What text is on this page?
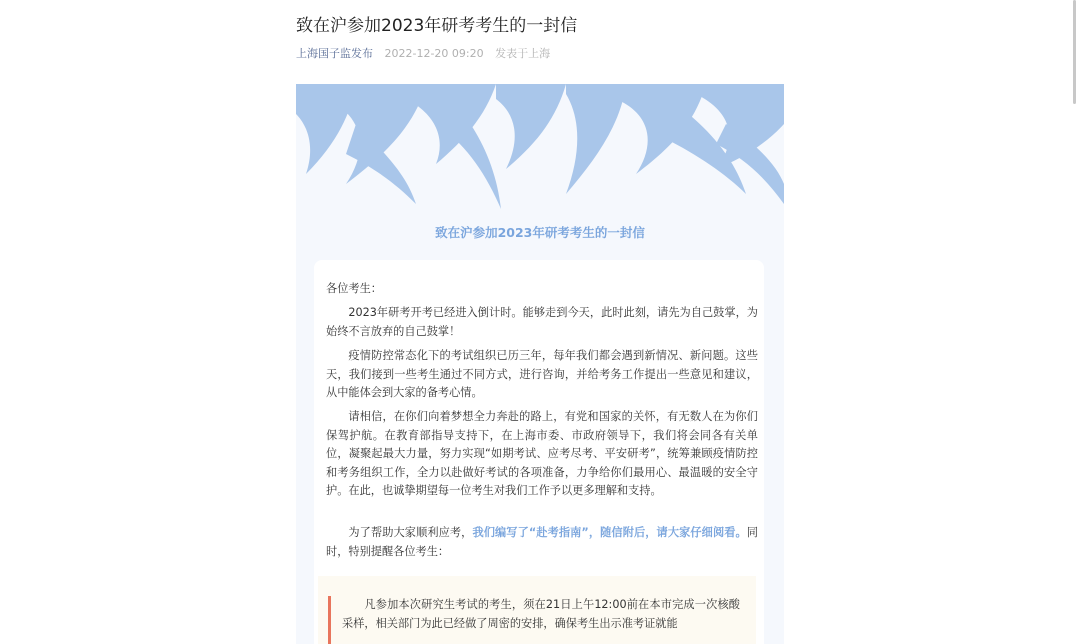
致在沪参加2023年研考考生的一封信
上海国子监发布 2022-12-20 09:20 发表于上海
致在沪参加2023年研考考生的一封信
各位考生：
2023年研考开考已经进入倒计时。能够走到今天，此时此刻，请先为自己鼓掌，为始终不言放弃的自己鼓掌！
疫情防控常态化下的考试组织已历三年，每年我们都会遇到新情况、新问题。这些天，我们接到一些考生通过不同方式，进行咨询，并给考务工作提出一些意见和建议，从中能体会到大家的备考心情。
请相信，在你们向着梦想全力奔赴的路上，有党和国家的关怀，有无数人在为你们保驾护航。在教育部指导支持下，在上海市委、市政府领导下，我们将会同各有关单位，凝聚起最大力量，努力实现“如期考试、应考尽考、平安研考”，统筹兼顾疫情防控和考务组织工作，全力以赴做好考试的各项准备，力争给你们最用心、最温暖的安全守护。在此，也诚挚期望每一位考生对我们工作予以更多理解和支持。
为了帮助大家顺利应考，我们编写了“赴考指南”，随信附后，请大家仔细阅看。同时，特别提醒各位考生：
凡参加本次研究生考试的考生，须在21日上午12:00前在本市完成一次核酸采样，相关部门为此已经做了周密的安排，确保考生出示准考证就能
